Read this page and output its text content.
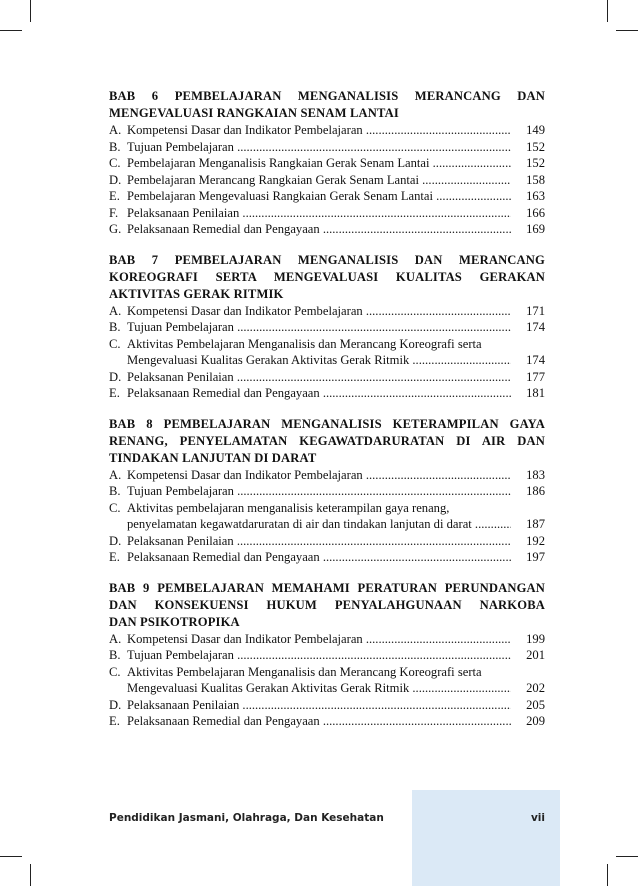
BAB 6 PEMBELAJARAN MENGANALISIS MERANCANG DAN
MENGEVALUASI RANGKAIAN SENAM LANTAI
A. Kompetensi Dasar dan Indikator Pembelajaran .....	149
B. Tujuan Pembelajaran .....	152
C. Pembelajaran Menganalisis Rangkaian Gerak Senam Lantai .....	152
D. Pembelajaran Merancang Rangkaian Gerak Senam Lantai .....	158
E. Pembelajaran Mengevaluasi Rangkaian Gerak Senam Lantai .....	163
F. Pelaksanaan Penilaian .....	166
G. Pelaksanaan Remedial dan Pengayaan .....	169
BAB 7 PEMBELAJARAN MENGANALISIS DAN MERANCANG
KOREOGRAFI SERTA MENGEVALUASI KUALITAS GERAKAN
AKTIVITAS GERAK RITMIK
A. Kompetensi Dasar dan Indikator Pembelajaran .....	171
B. Tujuan Pembelajaran .....	174
C. Aktivitas Pembelajaran Menganalisis dan Merancang Koreografi serta
Mengevaluasi Kualitas Gerakan Aktivitas Gerak Ritmik .....	174
D. Pelaksanan Penilaian .....	177
E. Pelaksanaan Remedial dan Pengayaan .....	181
BAB 8 PEMBELAJARAN MENGANALISIS KETERAMPILAN GAYA
RENANG, PENYELAMATAN KEGAWATDARURATAN DI AIR DAN
TINDAKAN LANJUTAN DI DARAT
A. Kompetensi Dasar dan Indikator Pembelajaran .....	183
B. Tujuan Pembelajaran .....	186
C. Aktivitas pembelajaran menganalisis keterampilan gaya renang,
penyelamatan kegawatdaruratan di air dan tindakan lanjutan di darat .....	187
D. Pelaksanan Penilaian .....	192
E. Pelaksanaan Remedial dan Pengayaan .....	197
BAB 9 PEMBELAJARAN MEMAHAMI PERATURAN PERUNDANGAN
DAN KONSEKUENSI HUKUM PENYALAHGUNAAN NARKOBA
DAN PSIKOTROPIKA
A. Kompetensi Dasar dan Indikator Pembelajaran .....	199
B. Tujuan Pembelajaran .....	201
C. Aktivitas Pembelajaran Menganalisis dan Merancang Koreografi serta
Mengevaluasi Kualitas Gerakan Aktivitas Gerak Ritmik .....	202
D. Pelaksanaan Penilaian .....	205
E. Pelaksanaan Remedial dan Pengayaan .....	209
Pendidikan Jasmani, Olahraga, Dan Kesehatan	vii
